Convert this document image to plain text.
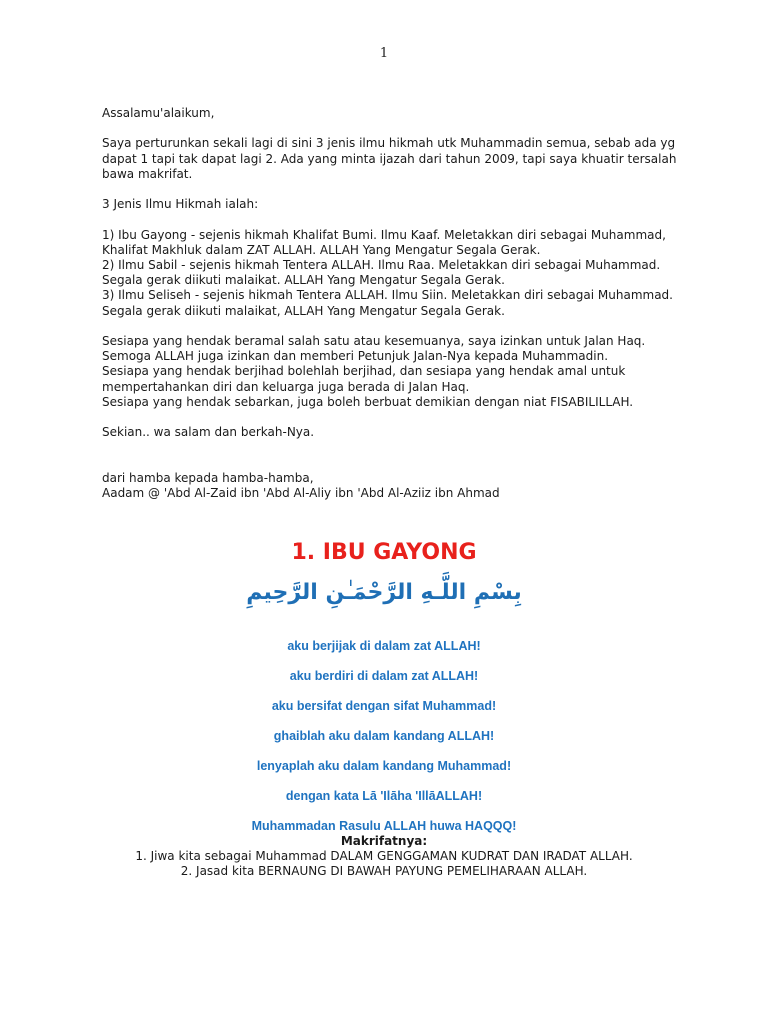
1

Assalamu'alaikum,

Saya perturunkan sekali lagi di sini 3 jenis ilmu hikmah utk Muhammadin semua, sebab ada yg dapat 1 tapi tak dapat lagi 2. Ada yang minta ijazah dari tahun 2009, tapi saya khuatir tersalah bawa makrifat.

3 Jenis Ilmu Hikmah ialah:

1) Ibu Gayong - sejenis hikmah Khalifat Bumi. Ilmu Kaaf. Meletakkan diri sebagai Muhammad, Khalifat Makhluk dalam ZAT ALLAH. ALLAH Yang Mengatur Segala Gerak.
2) Ilmu Sabil - sejenis hikmah Tentera ALLAH. Ilmu Raa. Meletakkan diri sebagai Muhammad. Segala gerak diikuti malaikat. ALLAH Yang Mengatur Segala Gerak.
3) Ilmu Seliseh - sejenis hikmah Tentera ALLAH. Ilmu Siin. Meletakkan diri sebagai Muhammad. Segala gerak diikuti malaikat, ALLAH Yang Mengatur Segala Gerak.
Sesiapa yang hendak beramal salah satu atau kesemuanya, saya izinkan untuk Jalan Haq. Semoga ALLAH juga izinkan dan memberi Petunjuk Jalan-Nya kepada Muhammadin.
Sesiapa yang hendak berjihad bolehlah berjihad, dan sesiapa yang hendak amal untuk mempertahankan diri dan keluarga juga berada di Jalan Haq.
Sesiapa yang hendak sebarkan, juga boleh berbuat demikian dengan niat FISABILILLAH.

Sekian.. wa salam dan berkah-Nya.

dari hamba kepada hamba-hamba,
Aadam @ 'Abd Al-Zaid ibn 'Abd Al-Aliy ibn 'Abd Al-Aziiz ibn Ahmad
1. IBU GAYONG
بِسْمِ اللَّـهِ الرَّحْمَـٰنِ الرَّحِيمِ
aku berjijak di dalam zat ALLAH!
aku berdiri di dalam zat ALLAH!
aku bersifat dengan sifat Muhammad!
ghaiblah aku dalam kandang ALLAH!
lenyaplah aku dalam kandang Muhammad!
dengan kata Lā 'Ilāha 'IllāALLAH!
Muhammadan Rasulu ALLAH huwa HAQQQ!
Makrifatnya:
1. Jiwa kita sebagai Muhammad DALAM GENGGAMAN KUDRAT DAN IRADAT ALLAH.
2. Jasad kita BERNAUNG DI BAWAH PAYUNG PEMELIHARAAN ALLAH.
